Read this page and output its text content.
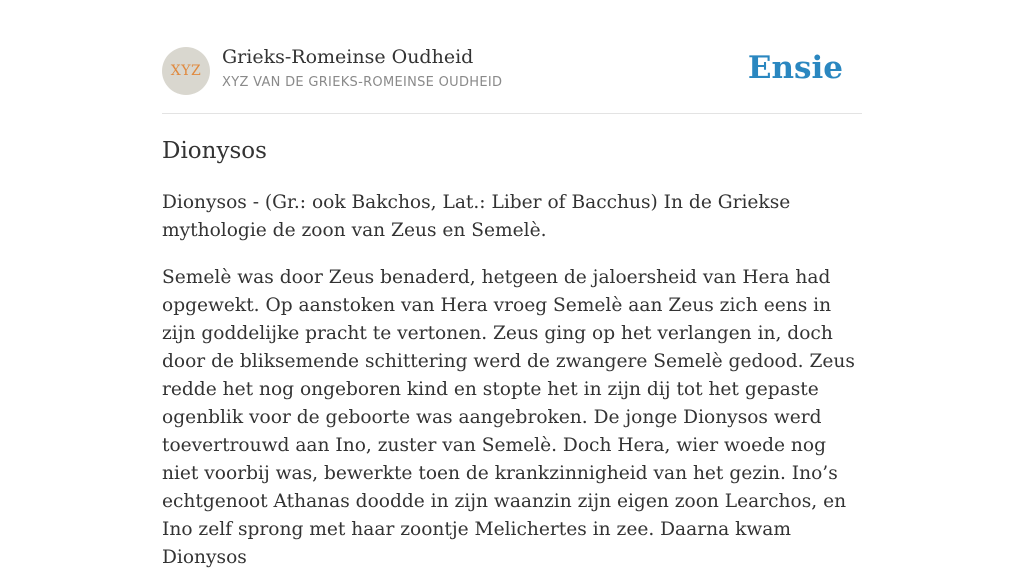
XYZ
Grieks-Romeinse Oudheid
XYZ VAN DE GRIEKS-ROMEINSE OUDHEID	Ensie
Dionysos

Dionysos - (Gr.: ook Bakchos, Lat.: Liber of Bacchus) In de Griekse mythologie de zoon van Zeus en Semelè.

Semelè was door Zeus benaderd, hetgeen de jaloersheid van Hera had opgewekt. Op aanstoken van Hera vroeg Semelè aan Zeus zich eens in zijn goddelijke pracht te vertonen. Zeus ging op het verlangen in, doch door de bliksemende schittering werd de zwangere Semelè gedood. Zeus redde het nog ongeboren kind en stopte het in zijn dij tot het gepaste ogenblik voor de geboorte was aangebroken. De jonge Dionysos werd toevertrouwd aan Ino, zuster van Semelè. Doch Hera, wier woede nog niet voorbij was, bewerkte toen de krankzinnigheid van het gezin. Ino’s echtgenoot Athanas doodde in zijn waanzin zijn eigen zoon Learchos, en Ino zelf sprong met haar zoontje Melichertes in zee. Daarna kwam Dionysos
